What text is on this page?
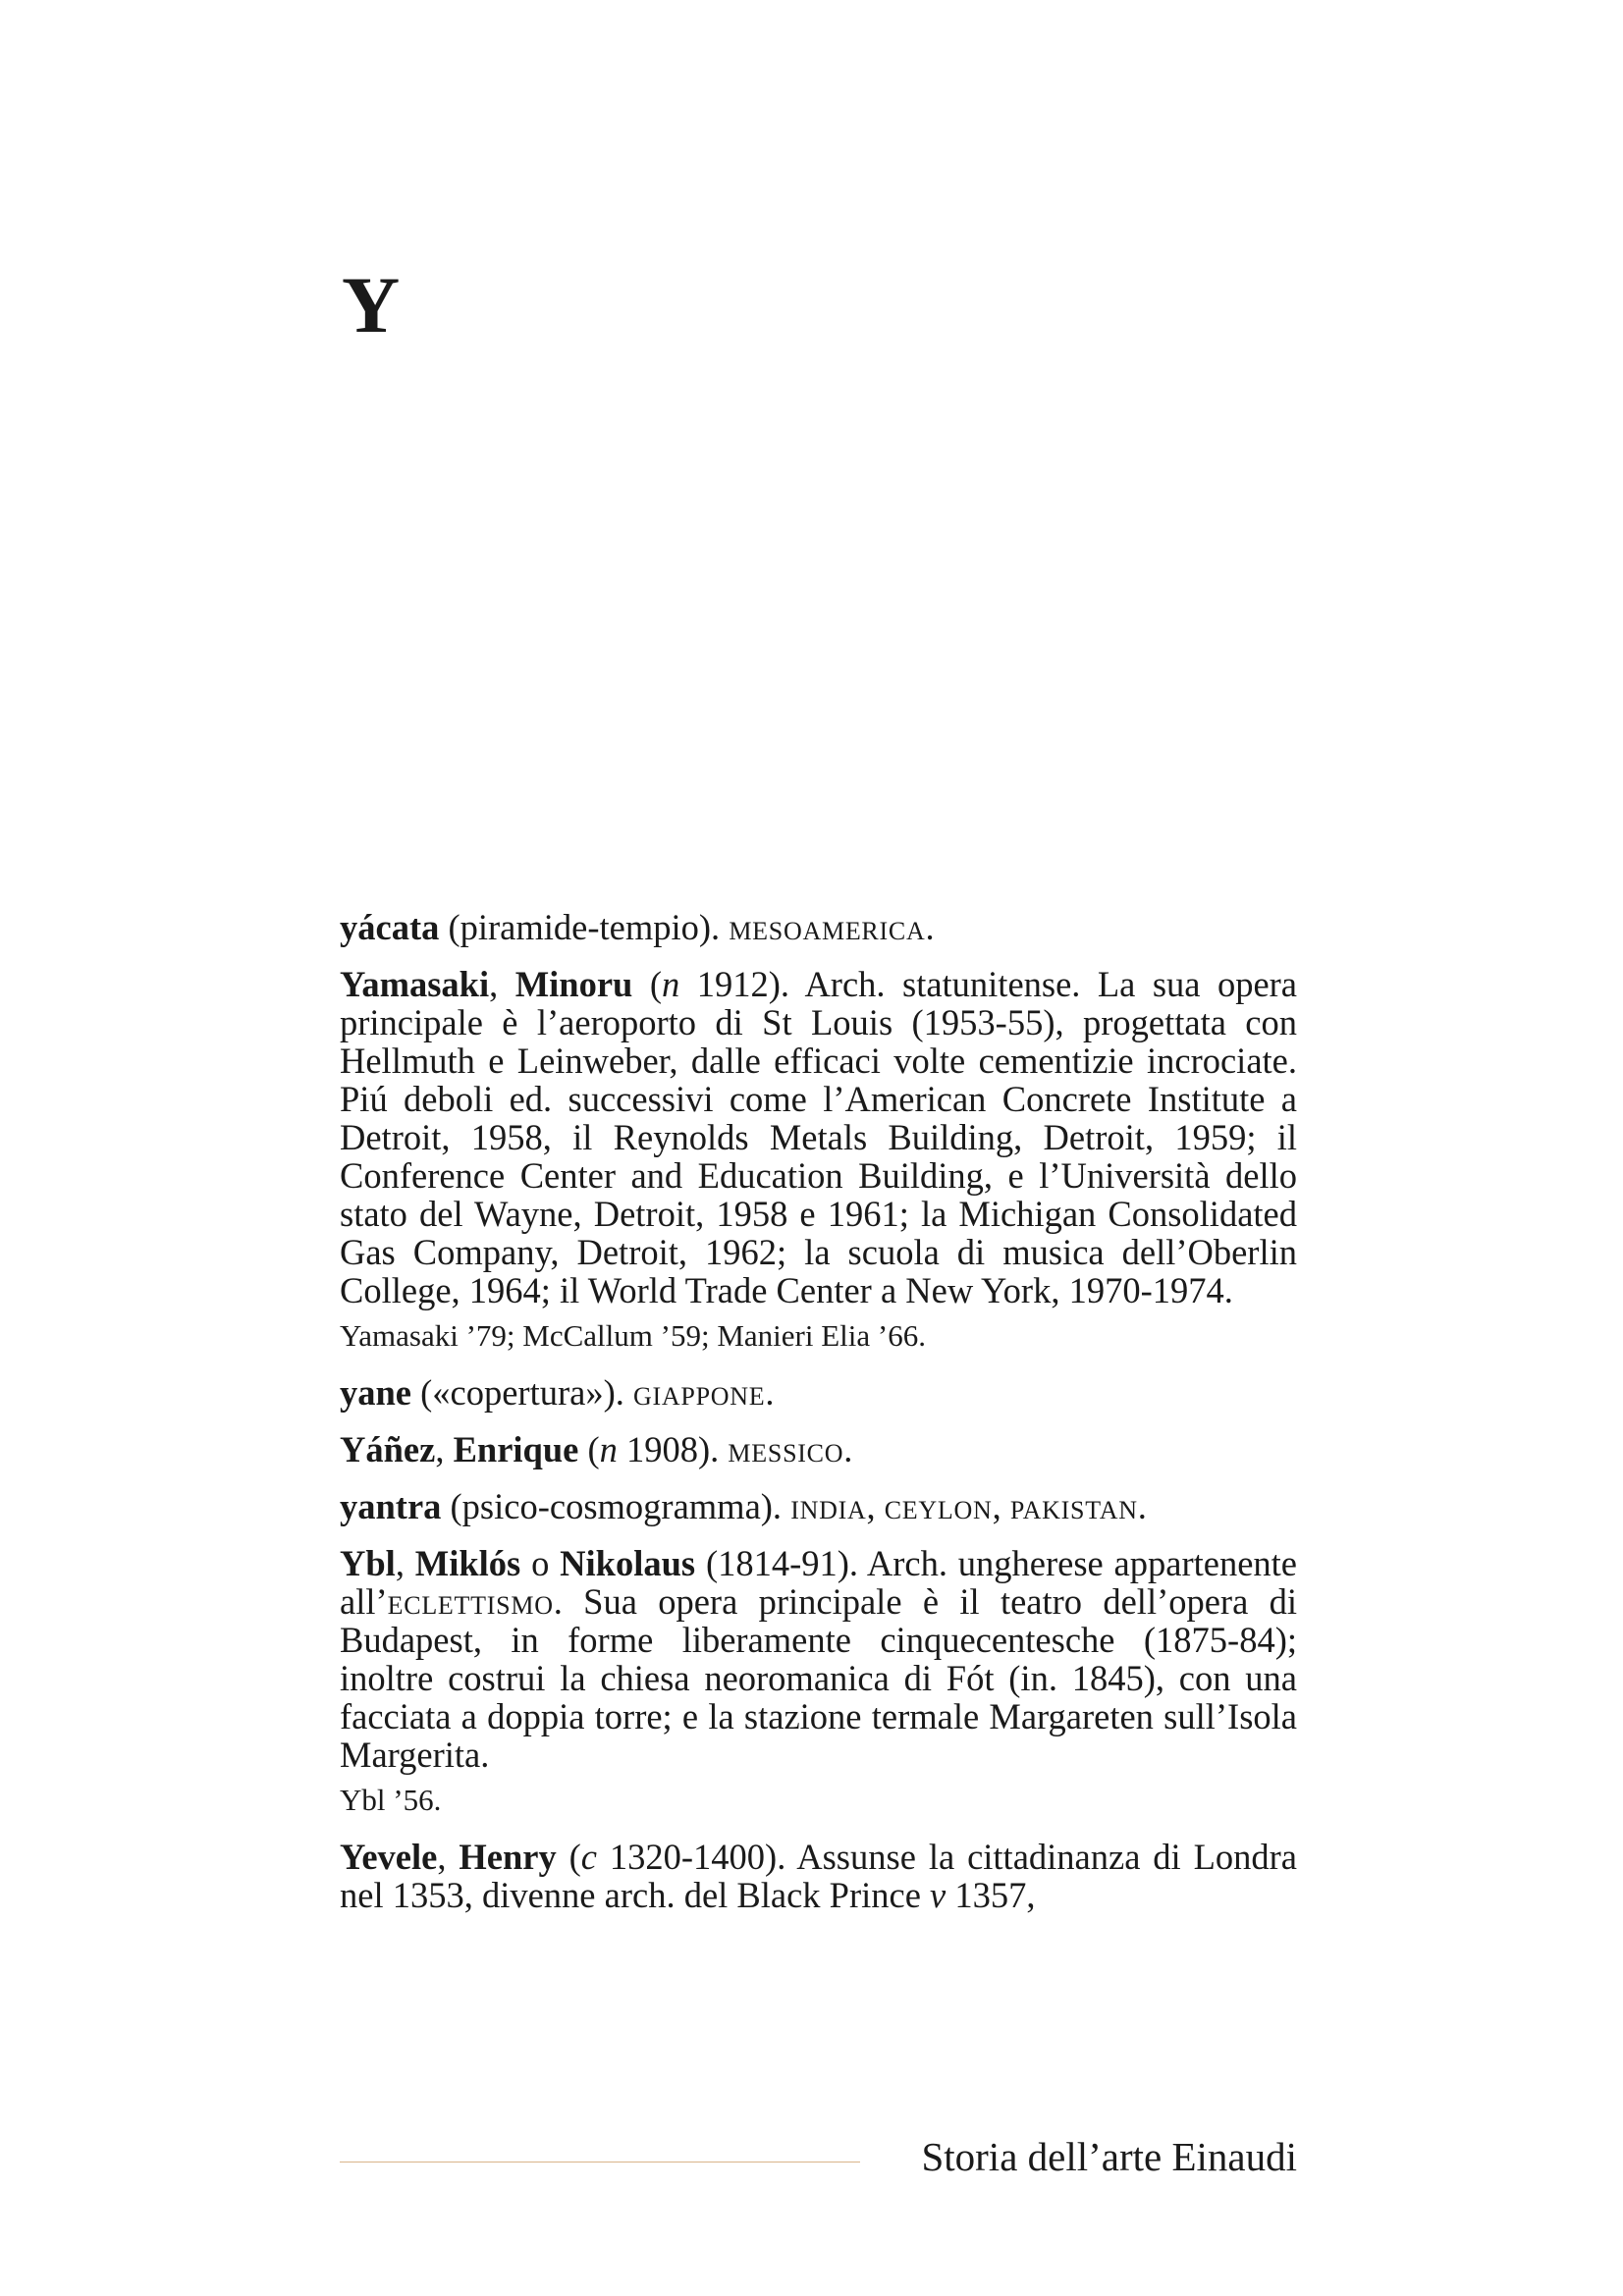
Y

yácata (piramide-tempio). mesoamerica.

Yamasaki, Minoru (n 1912). Arch. statunitense. La sua opera principale è l’aeroporto di St Louis (1953-55), progettata con Hellmuth e Leinweber, dalle efficaci volte cementizie incrociate. Piú deboli ed. successivi come l’American Concrete Institute a Detroit, 1958, il Reynolds Metals Building, Detroit, 1959; il Conference Center and Education Building, e l’Università dello stato del Wayne, Detroit, 1958 e 1961; la Michigan Consolidated Gas Company, Detroit, 1962; la scuola di musica dell’Oberlin College, 1964; il World Trade Center a New York, 1970-1974.

Yamasaki ’79; McCallum ’59; Manieri Elia ’66.

yane («copertura»). giappone.

Yáñez, Enrique (n 1908). messico.

yantra (psico-cosmogramma). india, ceylon, pakistan.

Ybl, Miklós o Nikolaus (1814-91). Arch. ungherese appartenente all’eclettismo. Sua opera principale è il teatro dell’opera di Budapest, in forme liberamente cinquecentesche (1875-84); inoltre costrui la chiesa neoromanica di Fót (in. 1845), con una facciata a doppia torre; e la stazione termale Margareten sull’Isola Margerita.

Ybl ’56.

Yevele, Henry (c 1320-1400). Assunse la cittadinanza di Londra nel 1353, divenne arch. del Black Prince v 1357,

Storia dell’arte Einaudi
